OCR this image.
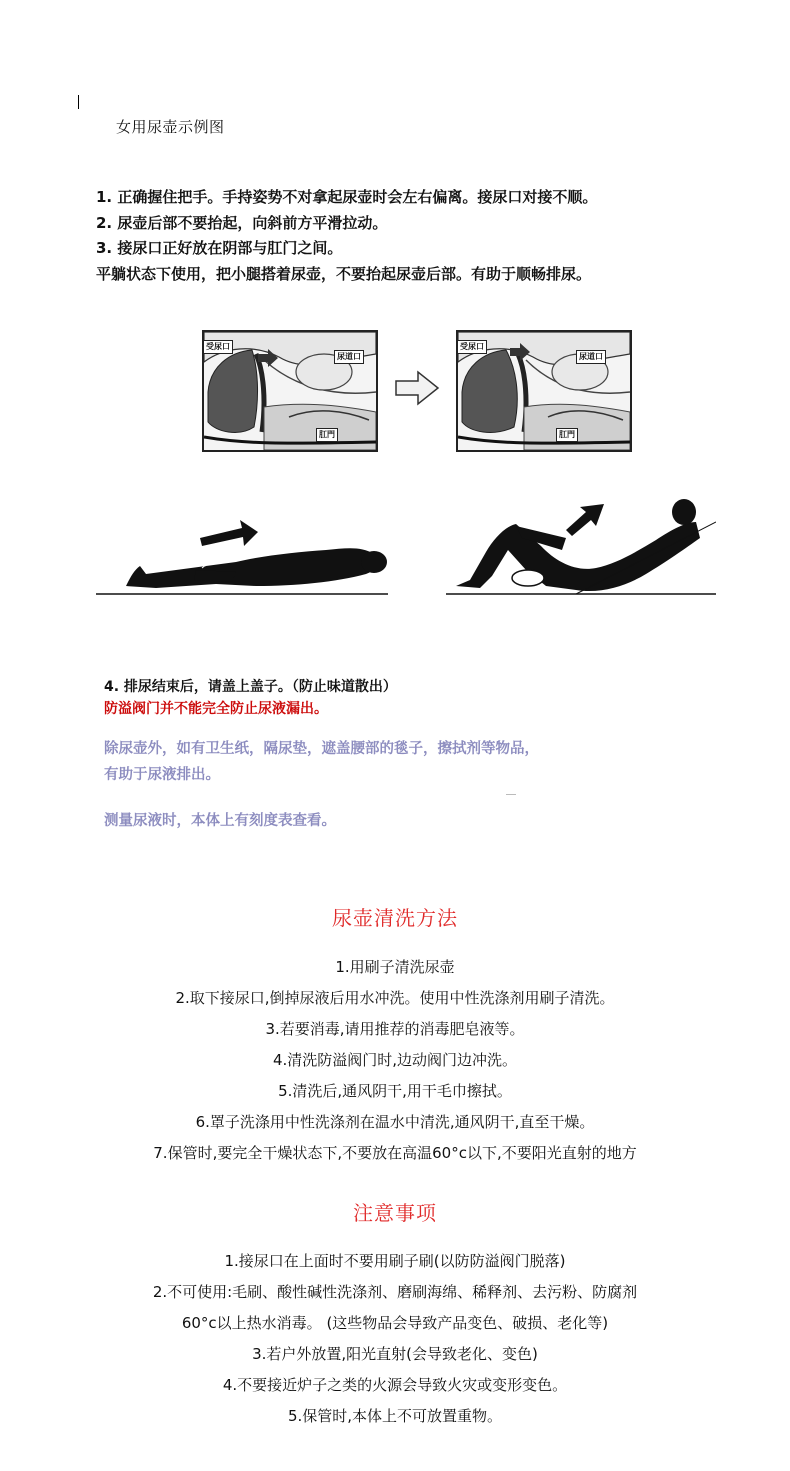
女用尿壶示例图
1. 正确握住把手。手持姿势不对拿起尿壶时会左右偏离。接尿口对接不顺。
2. 尿壶后部不要抬起，向斜前方平滑拉动。
3. 接尿口正好放在阴部与肛门之间。
平躺状态下使用，把小腿搭着尿壶，不要抬起尿壶后部。有助于顺畅排尿。
受尿口
尿道口
肛門
受尿口
尿道口
肛門
4. 排尿结束后，请盖上盖子。（防止味道散出）
防溢阀门并不能完全防止尿液漏出。
除尿壶外，如有卫生纸，隔尿垫，遮盖腰部的毯子，擦拭剂等物品，
有助于尿液排出。
测量尿液时，本体上有刻度表查看。
尿壶清洗方法
1.用刷子清洗尿壶
2.取下接尿口,倒掉尿液后用水冲洗。使用中性洗涤剂用刷子清洗。
3.若要消毒,请用推荐的消毒肥皂液等。
4.清洗防溢阀门时,边动阀门边冲洗。
5.清洗后,通风阴干,用干毛巾擦拭。
6.罩子洗涤用中性洗涤剂在温水中清洗,通风阴干,直至干燥。
7.保管时,要完全干燥状态下,不要放在高温60°c以下,不要阳光直射的地方
注意事项
1.接尿口在上面时不要用刷子刷(以防防溢阀门脱落)
2.不可使用:毛刷、酸性碱性洗涤剂、磨刷海绵、稀释剂、去污粉、防腐剂
60°c以上热水消毒。 (这些物品会导致产品变色、破损、老化等)
3.若户外放置,阳光直射(会导致老化、变色)
4.不要接近炉子之类的火源会导致火灾或变形变色。
5.保管时,本体上不可放置重物。
